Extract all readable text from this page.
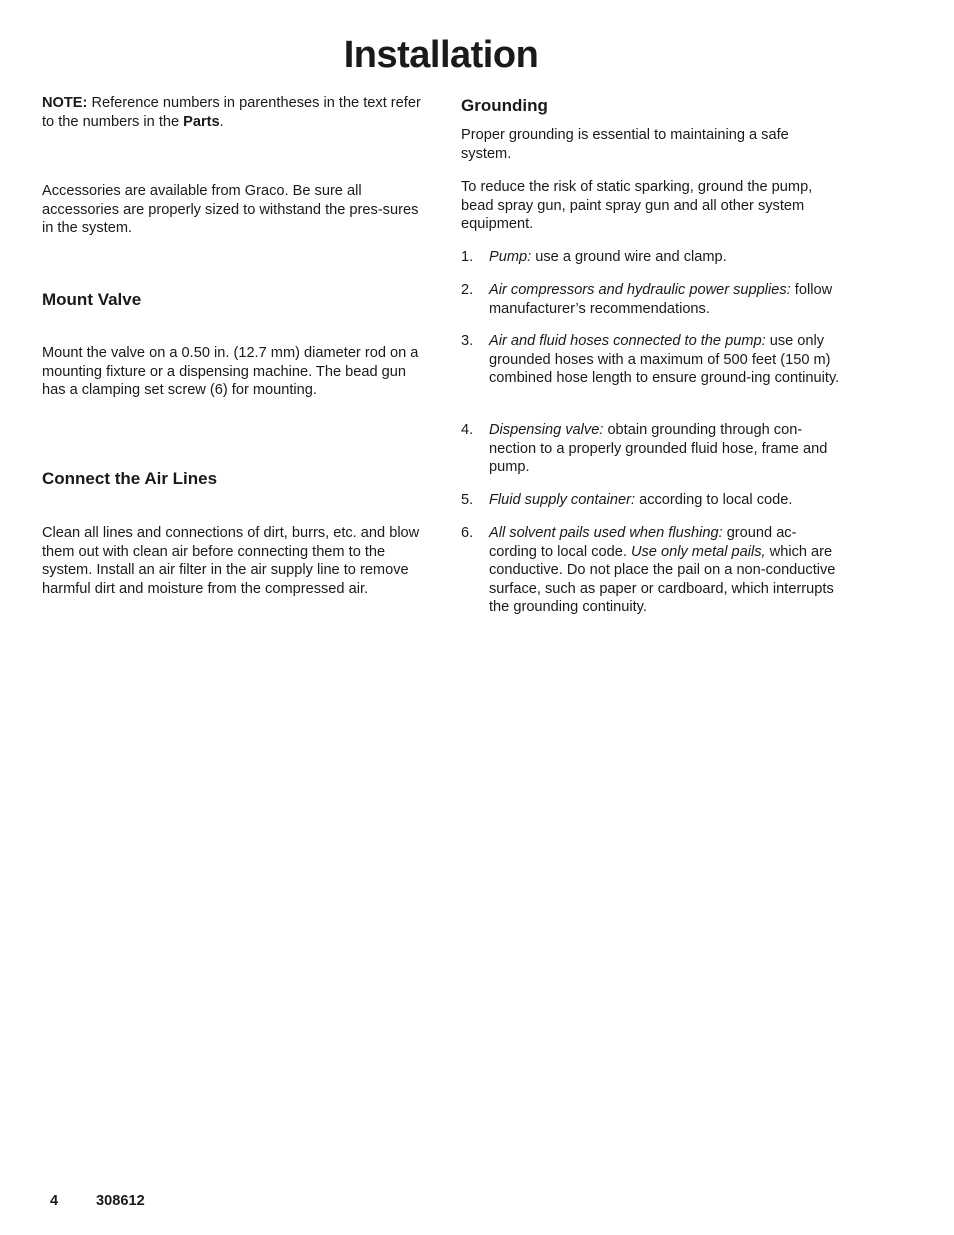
Installation

NOTE: Reference numbers in parentheses in the text refer to the numbers in the Parts.

Accessories are available from Graco. Be sure all accessories are properly sized to withstand the pres-sures in the system.

Mount Valve

Mount the valve on a 0.50 in. (12.7 mm) diameter rod on a mounting fixture or a dispensing machine. The bead gun has a clamping set screw (6) for mounting.

Connect the Air Lines

Clean all lines and connections of dirt, burrs, etc. and blow them out with clean air before connecting them to the system. Install an air filter in the air supply line to remove harmful dirt and moisture from the compressed air.

Grounding

Proper grounding is essential to maintaining a safe system.

To reduce the risk of static sparking, ground the pump, bead spray gun, paint spray gun and all other system equipment.

1.	Pump: use a ground wire and clamp.
2.	Air compressors and hydraulic power supplies: follow manufacturer’s recommendations.
3.	Air and fluid hoses connected to the pump: use only grounded hoses with a maximum of 500 feet (150 m) combined hose length to ensure ground-ing continuity.
4.	Dispensing valve: obtain grounding through con-nection to a properly grounded fluid hose, frame and pump.
5.	Fluid supply container: according to local code.
6.	All solvent pails used when flushing: ground ac-cording to local code. Use only metal pails, which are conductive. Do not place the pail on a non-conductive surface, such as paper or cardboard, which interrupts the grounding continuity.
4	308612
